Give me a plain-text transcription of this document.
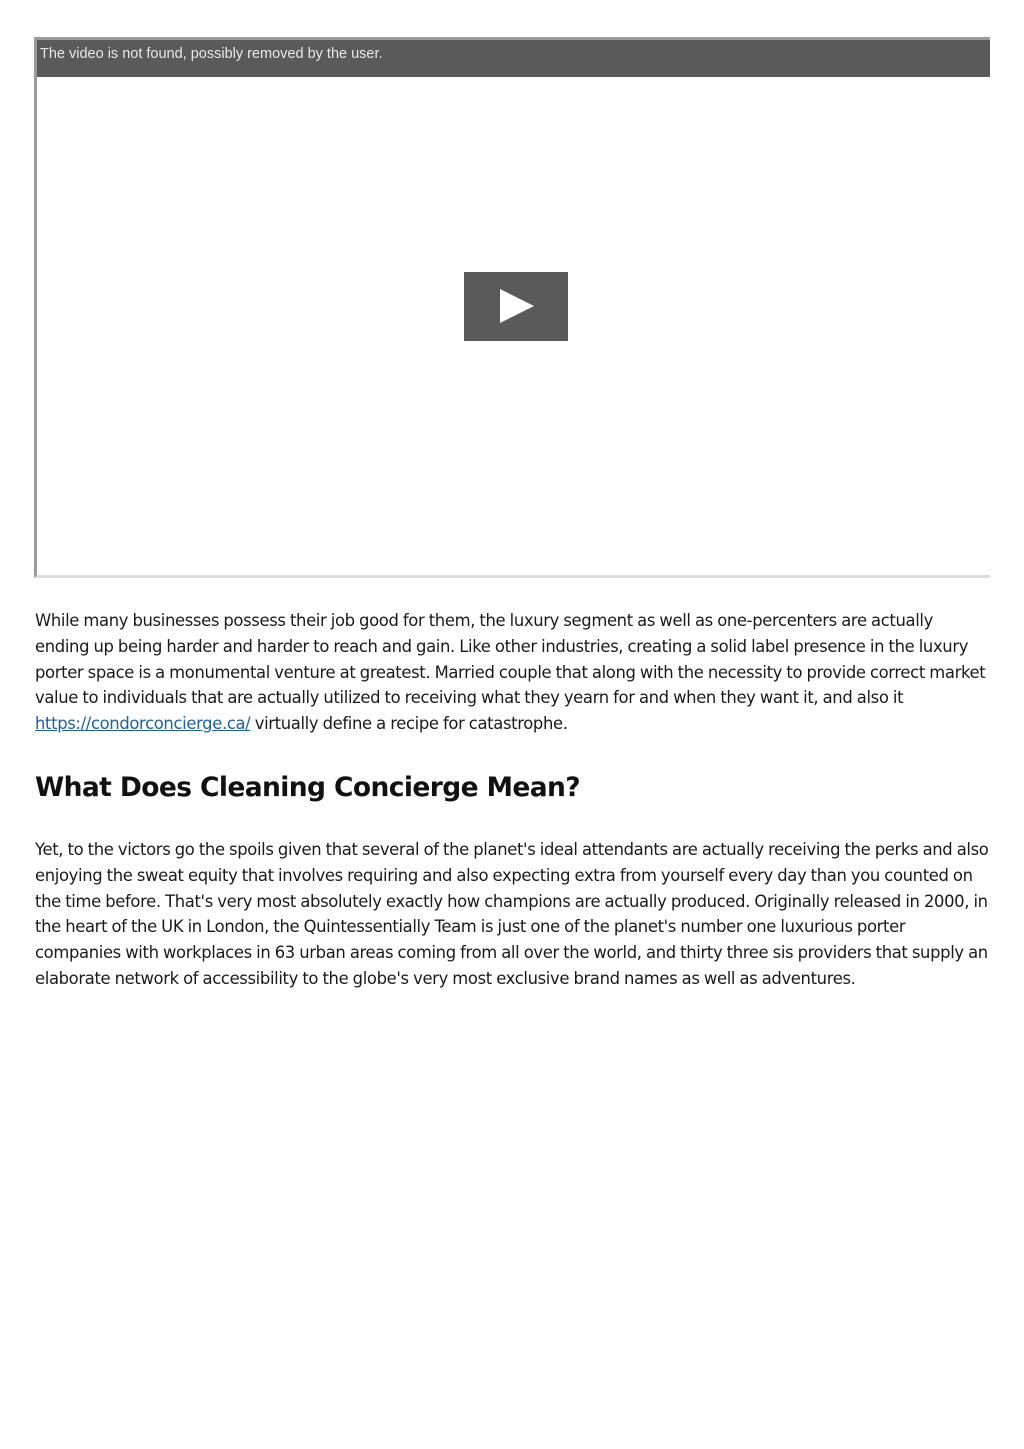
The video is not found, possibly removed by the user.

While many businesses possess their job good for them, the luxury segment as well as one-percenters are actually ending up being harder and harder to reach and gain. Like other industries, creating a solid label presence in the luxury porter space is a monumental venture at greatest. Married couple that along with the necessity to provide correct market value to individuals that are actually utilized to receiving what they yearn for and when they want it, and also it https://condorconcierge.ca/ virtually define a recipe for catastrophe.

What Does Cleaning Concierge Mean?

Yet, to the victors go the spoils given that several of the planet's ideal attendants are actually receiving the perks and also enjoying the sweat equity that involves requiring and also expecting extra from yourself every day than you counted on the time before. That's very most absolutely exactly how champions are actually produced. Originally released in 2000, in the heart of the UK in London, the Quintessentially Team is just one of the planet's number one luxurious porter companies with workplaces in 63 urban areas coming from all over the world, and thirty three sis providers that supply an elaborate network of accessibility to the globe's very most exclusive brand names as well as adventures.
